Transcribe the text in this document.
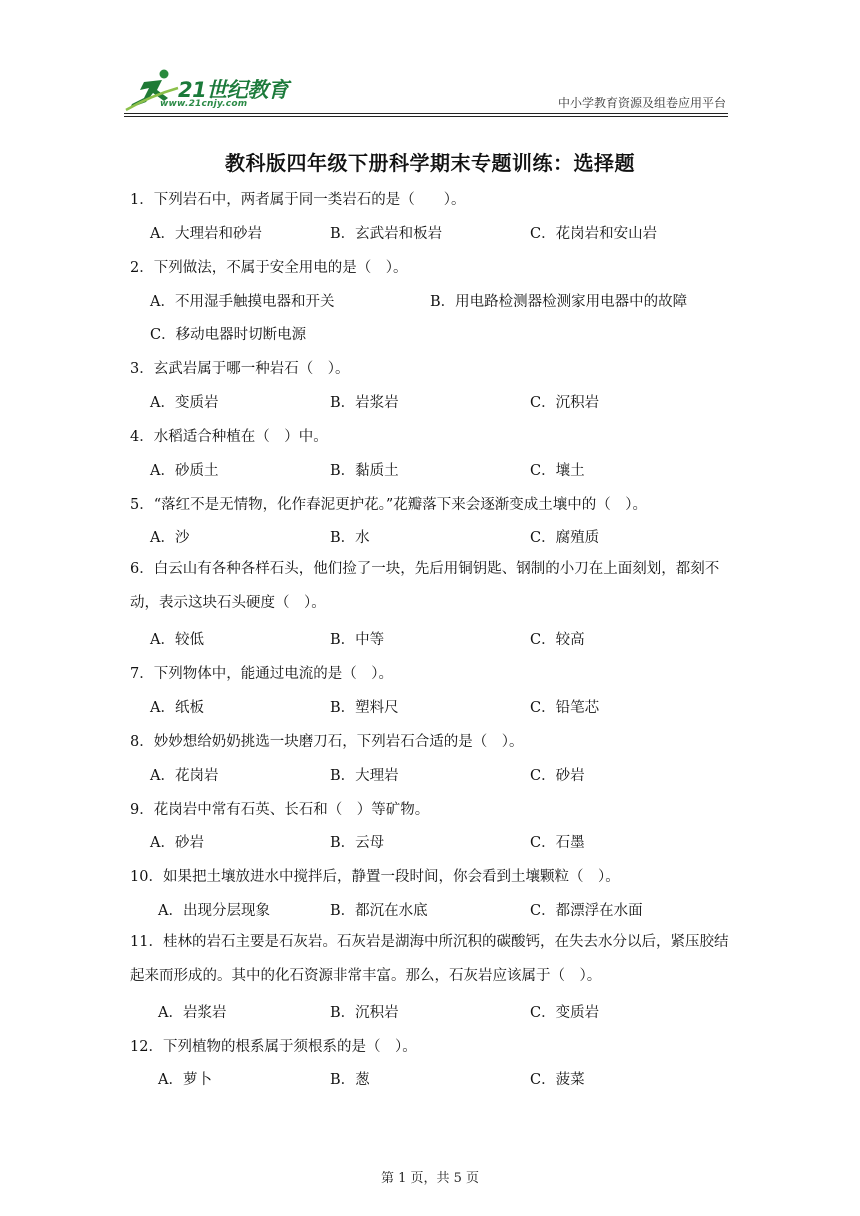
21世纪教育
www.21cnjy.com	中小学教育资源及组卷应用平台
教科版四年级下册科学期末专题训练：选择题
1．下列岩石中，两者属于同一类岩石的是（　　）。
A．大理岩和砂岩	B．玄武岩和板岩	C．花岗岩和安山岩
2．下列做法，不属于安全用电的是（　）。
A．不用湿手触摸电器和开关	B．用电路检测器检测家用电器中的故障
C．移动电器时切断电源
3．玄武岩属于哪一种岩石（　）。
A．变质岩	B．岩浆岩	C．沉积岩
4．水稻适合种植在（　）中。
A．砂质土	B．黏质土	C．壤土
5．“落红不是无情物，化作春泥更护花。”花瓣落下来会逐渐变成土壤中的（　）。
A．沙	B．水	C．腐殖质
6．白云山有各种各样石头，他们捡了一块，先后用铜钥匙、钢制的小刀在上面刻划，都刻不动，表示这块石头硬度（　）。
A．较低	B．中等	C．较高
7．下列物体中，能通过电流的是（　）。
A．纸板	B．塑料尺	C．铅笔芯
8．妙妙想给奶奶挑选一块磨刀石，下列岩石合适的是（　）。
A．花岗岩	B．大理岩	C．砂岩
9．花岗岩中常有石英、长石和（　）等矿物。
A．砂岩	B．云母	C．石墨
10．如果把土壤放进水中搅拌后，静置一段时间，你会看到土壤颗粒（　）。
A．出现分层现象	B．都沉在水底	C．都漂浮在水面
11．桂林的岩石主要是石灰岩。石灰岩是湖海中所沉积的碳酸钙，在失去水分以后，紧压胶结起来而形成的。其中的化石资源非常丰富。那么，石灰岩应该属于（　）。
A．岩浆岩	B．沉积岩	C．变质岩
12．下列植物的根系属于须根系的是（　）。
A．萝卜	B．葱	C．菠菜
第 1 页，共 5 页
